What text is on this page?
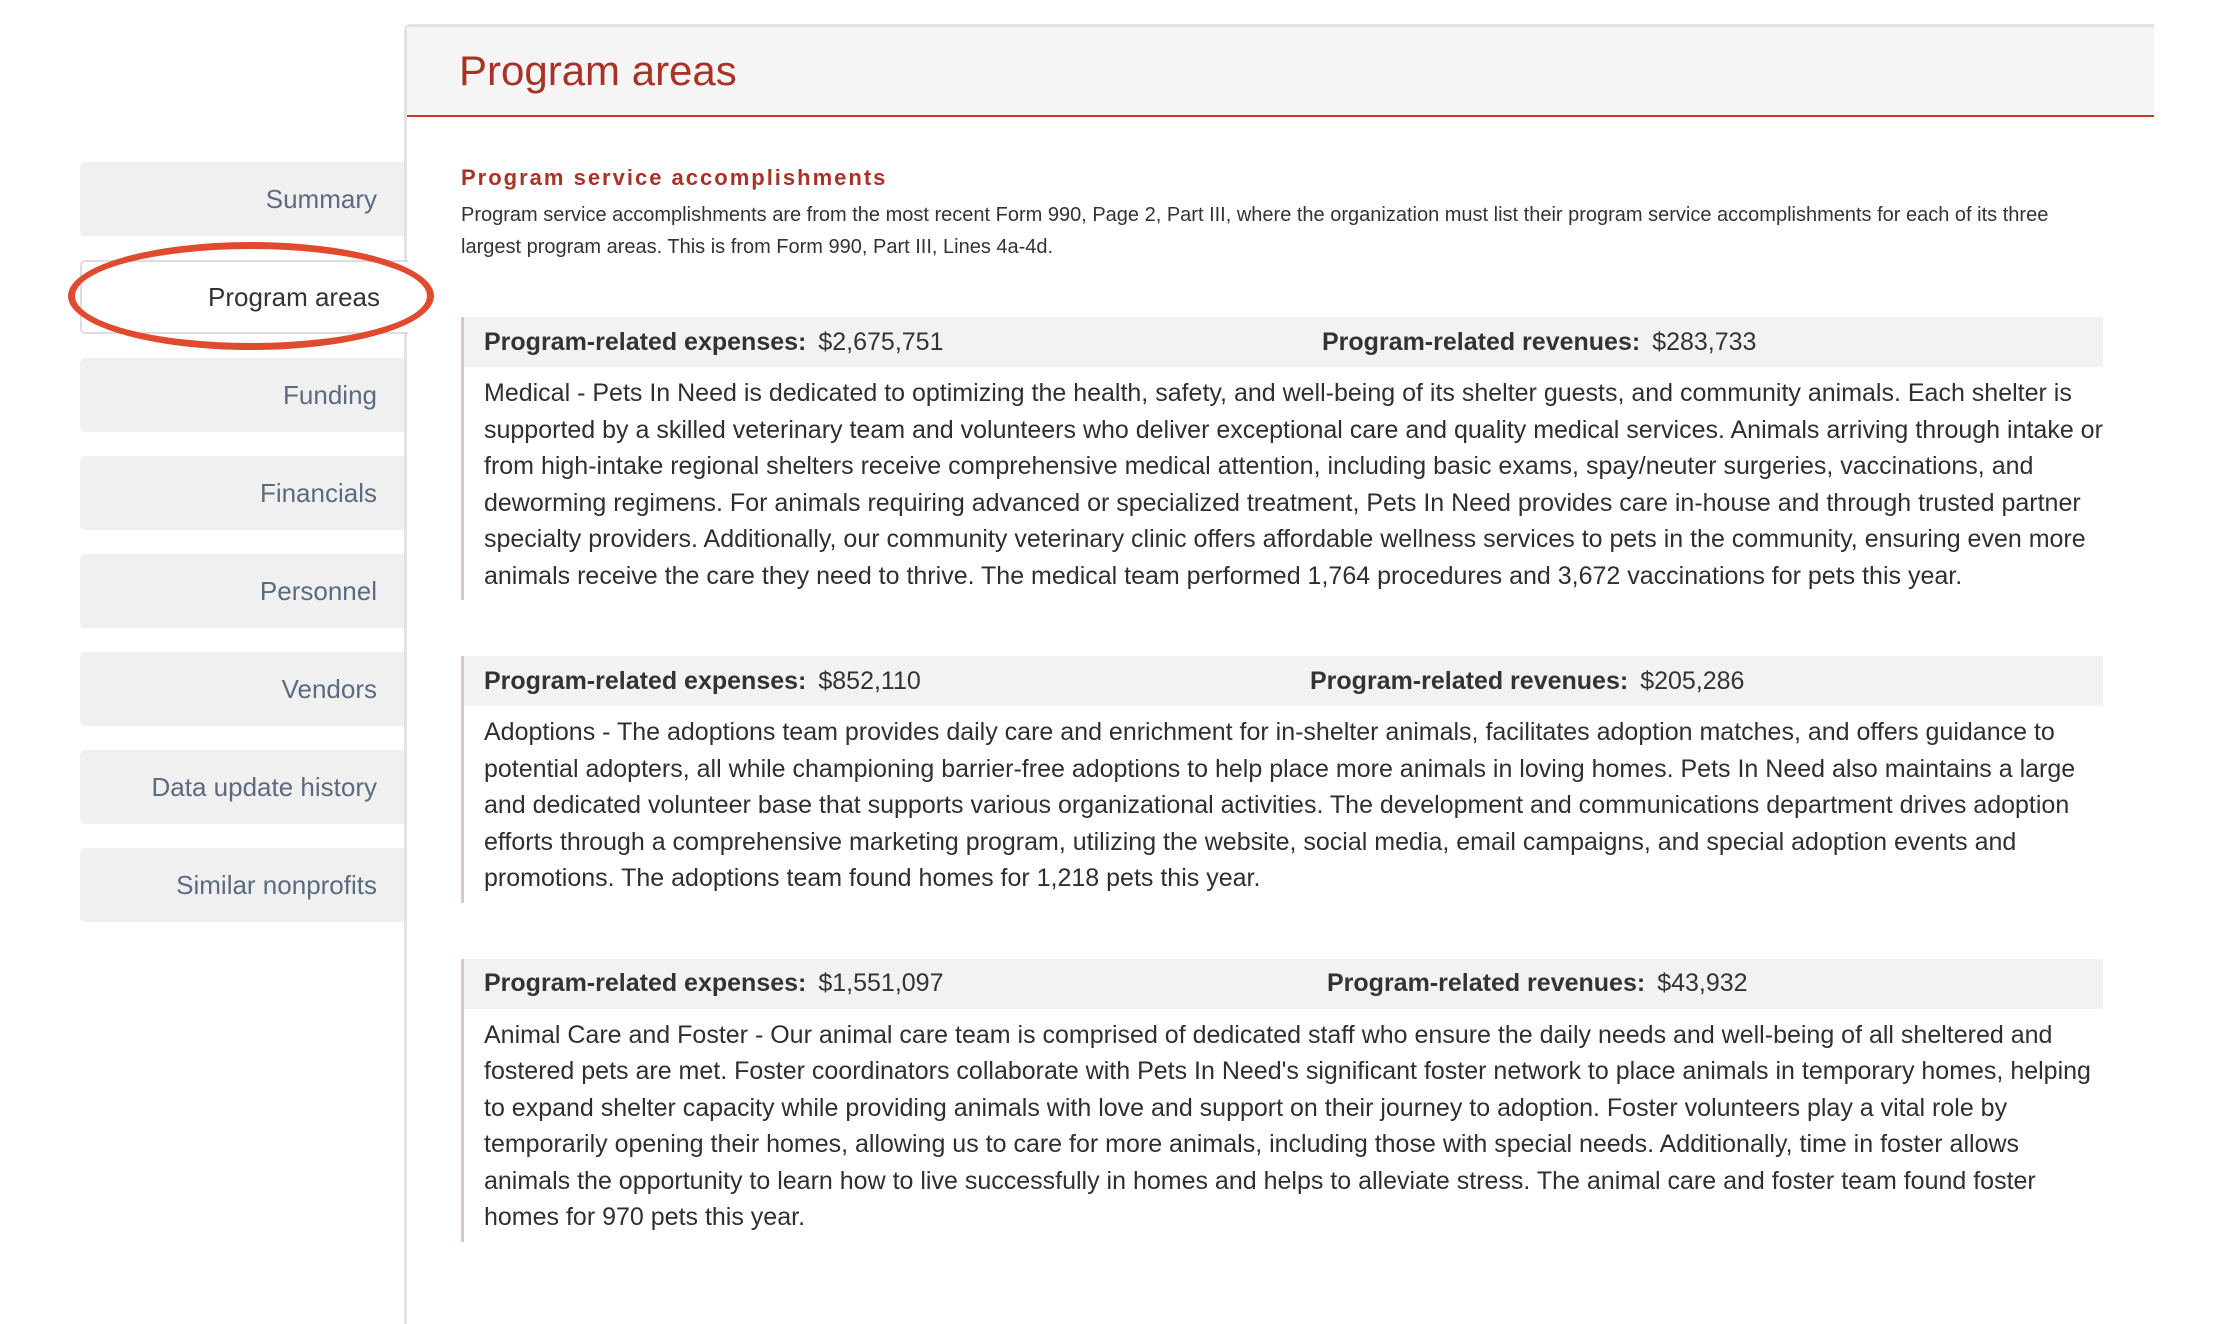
Summary
Program areas
Funding
Financials
Personnel
Vendors
Data update history
Similar nonprofits
Program areas
Program service accomplishments

Program service accomplishments are from the most recent Form 990, Page 2, Part III, where the organization must list their program service accomplishments for each of its three largest program areas. This is from Form 990, Part III, Lines 4a-4d.

Program-related expenses: $2,675,751	Program-related revenues: $283,733

Medical - Pets In Need is dedicated to optimizing the health, safety, and well-being of its shelter guests, and community animals. Each shelter is supported by a skilled veterinary team and volunteers who deliver exceptional care and quality medical services. Animals arriving through intake or from high-intake regional shelters receive comprehensive medical attention, including basic exams, spay/neuter surgeries, vaccinations, and deworming regimens. For animals requiring advanced or specialized treatment, Pets In Need provides care in-house and through trusted partner specialty providers. Additionally, our community veterinary clinic offers affordable wellness services to pets in the community, ensuring even more animals receive the care they need to thrive. The medical team performed 1,764 procedures and 3,672 vaccinations for pets this year.

Program-related expenses: $852,110	Program-related revenues: $205,286

Adoptions - The adoptions team provides daily care and enrichment for in-shelter animals, facilitates adoption matches, and offers guidance to potential adopters, all while championing barrier-free adoptions to help place more animals in loving homes. Pets In Need also maintains a large and dedicated volunteer base that supports various organizational activities. The development and communications department drives adoption efforts through a comprehensive marketing program, utilizing the website, social media, email campaigns, and special adoption events and promotions. The adoptions team found homes for 1,218 pets this year.

Program-related expenses: $1,551,097	Program-related revenues: $43,932

Animal Care and Foster - Our animal care team is comprised of dedicated staff who ensure the daily needs and well-being of all sheltered and fostered pets are met. Foster coordinators collaborate with Pets In Need's significant foster network to place animals in temporary homes, helping to expand shelter capacity while providing animals with love and support on their journey to adoption. Foster volunteers play a vital role by temporarily opening their homes, allowing us to care for more animals, including those with special needs. Additionally, time in foster allows animals the opportunity to learn how to live successfully in homes and helps to alleviate stress. The animal care and foster team found foster homes for 970 pets this year.
